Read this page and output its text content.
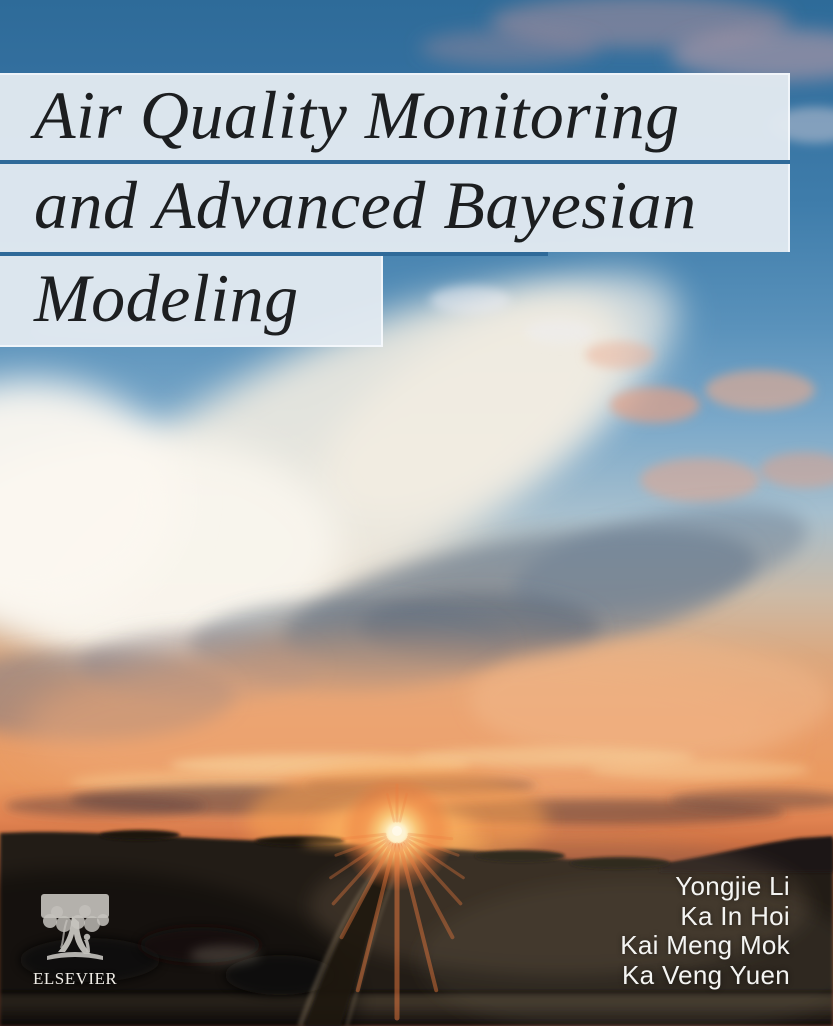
Air Quality Monitoring
and Advanced Bayesian
Modeling
Yongjie Li
Ka In Hoi
Kai Meng Mok
Ka Veng Yuen
ELSEVIER
